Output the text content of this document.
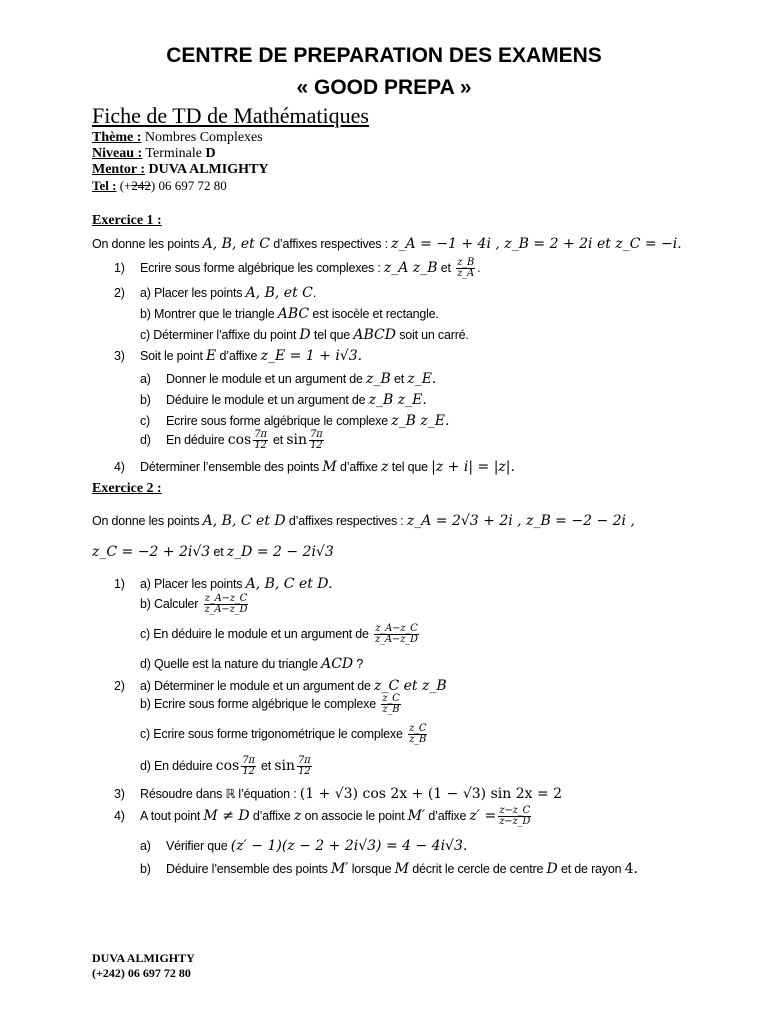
CENTRE DE PREPARATION DES EXAMENS
« GOOD PREPA »
Fiche de TD de Mathématiques
Thème : Nombres Complexes
Niveau : Terminale D
Mentor : DUVA ALMIGHTY
Tel : (+242) 06 697 72 80
Exercice 1 :
On donne les points A, B, et C d’affixes respectives : z_A = −1 + 4i , z_B = 2 + 2i et z_C = −i.
1) Ecrire sous forme algébrique les complexes : z_A z_B et $\frac{z\_B}{z\_A}$ .
2) a) Placer les points A, B, et C.
b) Montrer que le triangle ABC est isocèle et rectangle.
c) Déterminer l’affixe du point D tel que ABCD soit un carré.
3) Soit le point E d’affixe z_E = 1 + i√3.
a) Donner le module et un argument de z_B et z_E.
b) Déduire le module et un argument de z_B z_E.
c) Ecrire sous forme algébrique le complexe z_B z_E.
d) En déduire $\cos \frac{7\pi}{12}$ et $\sin \frac{7\pi}{12}$
4) Déterminer l’ensemble des points M d’affixe z tel que |z + i| = |z|.
Exercice 2 :
On donne les points A, B, C et D d’affixes respectives : z_A = 2√3 + 2i , z_B = −2 − 2i ,
z_C = −2 + 2i√3 et z_D = 2 − 2i√3
1) a) Placer les points A, B, C et D.
b) Calculer $\frac{z\_A-z\_C}{z\_A-z\_D}$
c) En déduire le module et un argument de $\frac{z\_A-z\_C}{z\_A-z\_D}$
d) Quelle est la nature du triangle ACD ?
2) a) Déterminer le module et un argument de z_C et z_B
b) Ecrire sous forme algébrique le complexe $\frac{z\_C}{z\_B}$
c) Ecrire sous forme trigonométrique le complexe $\frac{z\_C}{z\_B}$
d) En déduire $\cos \frac{7\pi}{12}$ et $\sin \frac{7\pi}{12}$
3) Résoudre dans ℝ l’équation : (1 + √3) cos 2x + (1 − √3) sin 2x = 2
4) A tout point M ≠ D d’affixe z on associe le point M′ d’affixe $z' = \frac{z-z\_C}{z-z\_D}$
a) Vérifier que (z′ − 1)(z − 2 + 2i√3) = 4 − 4i√3.
b) Déduire l’ensemble des points M′ lorsque M décrit le cercle de centre D et de rayon 4.
DUVA ALMIGHTY
(+242) 06 697 72 80
